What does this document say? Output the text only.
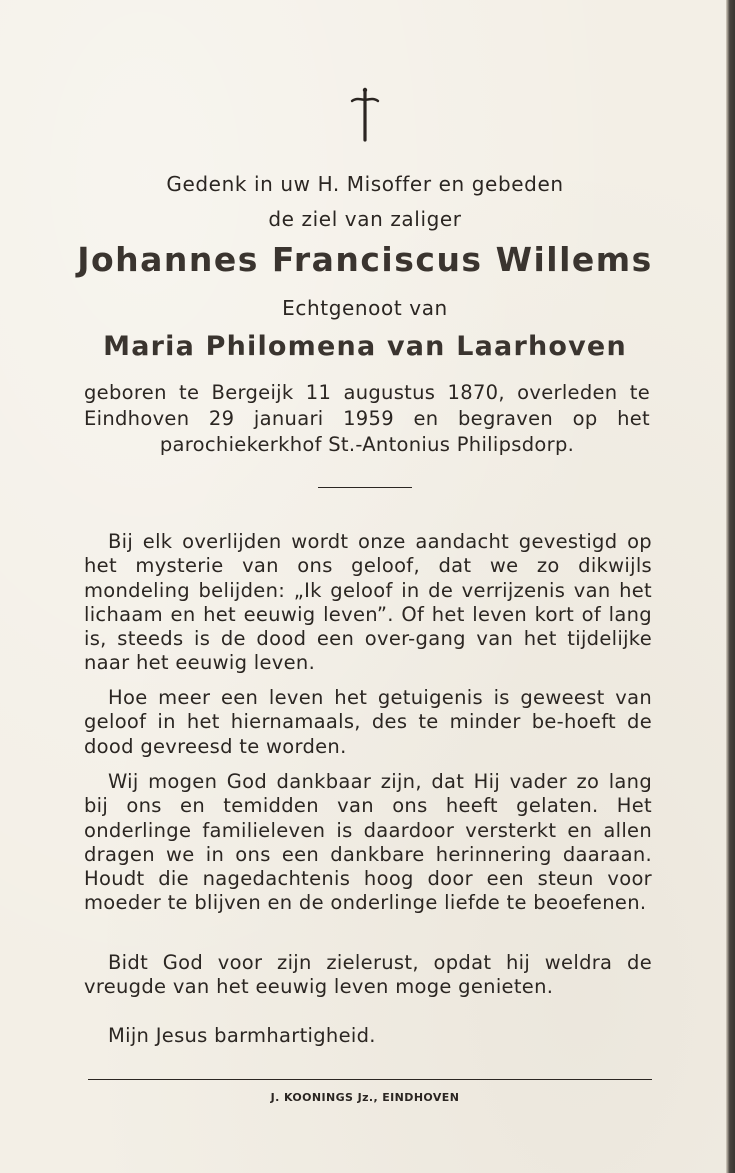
Gedenk in uw H. Misoffer en gebeden
de ziel van zaliger
Johannes Franciscus Willems
Echtgenoot van
Maria Philomena van Laarhoven
geboren te Bergeijk 11 augustus 1870, overleden te Eindhoven 29 januari 1959 en begraven op het parochiekerkhof St.-Antonius Philipsdorp.
Bij elk overlijden wordt onze aandacht gevestigd op het mysterie van ons geloof, dat we zo dikwijls mondeling belijden: „Ik geloof in de verrijzenis van het lichaam en het eeuwig leven”. Of het leven kort of lang is, steeds is de dood een over-gang van het tijdelijke naar het eeuwig leven.
Hoe meer een leven het getuigenis is geweest van geloof in het hiernamaals, des te minder be-hoeft de dood gevreesd te worden.
Wij mogen God dankbaar zijn, dat Hij vader zo lang bij ons en temidden van ons heeft gelaten. Het onderlinge familieleven is daardoor versterkt en allen dragen we in ons een dankbare herinnering daaraan. Houdt die nagedachtenis hoog door een steun voor moeder te blijven en de onderlinge liefde te beoefenen.
Bidt God voor zijn zielerust, opdat hij weldra de vreugde van het eeuwig leven moge genieten.
Mijn Jesus barmhartigheid.
J. KOONINGS Jz., EINDHOVEN
